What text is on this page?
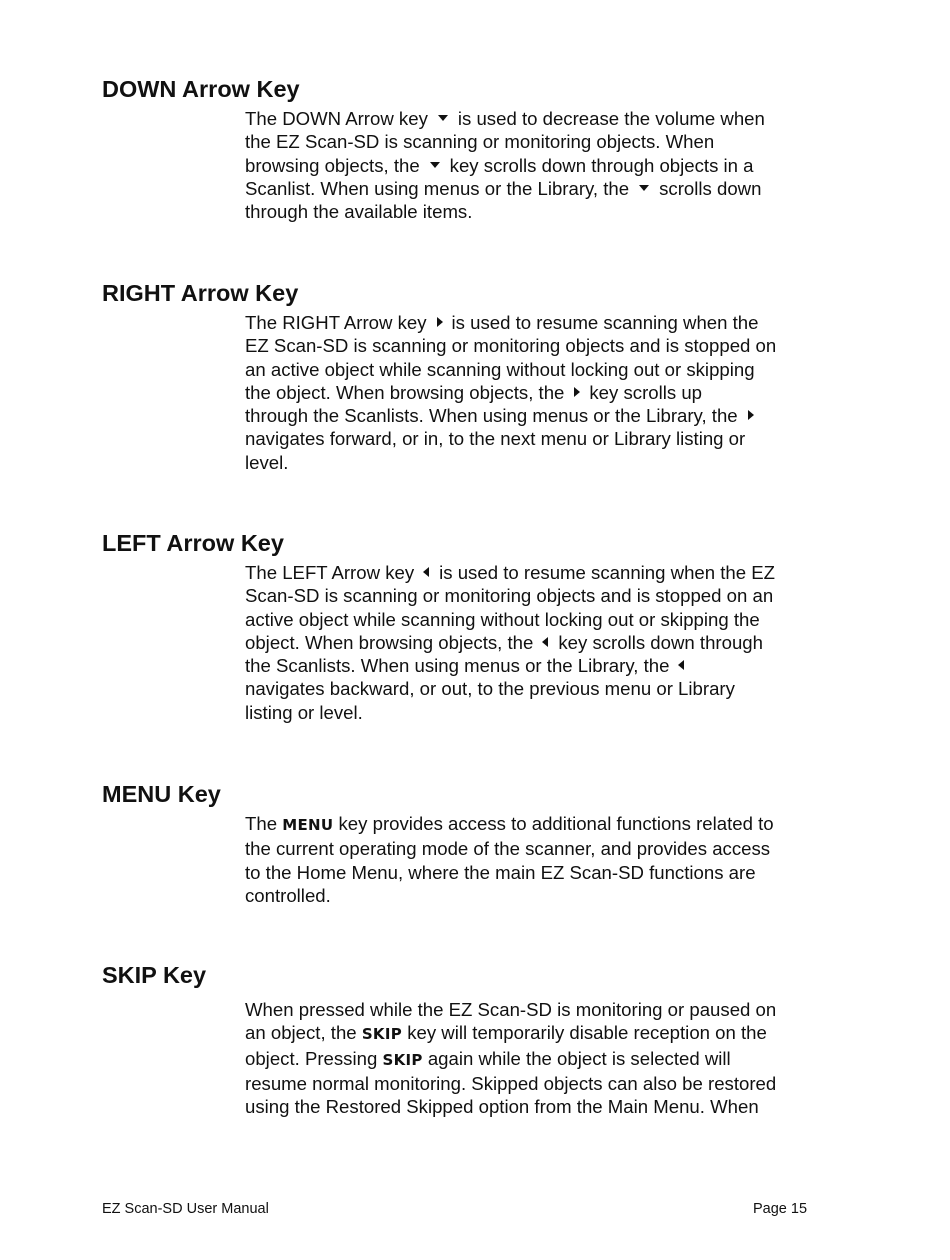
DOWN Arrow Key
The DOWN Arrow key is used to decrease the volume when
the EZ Scan-SD is scanning or monitoring objects. When
browsing objects, the key scrolls down through objects in a
Scanlist. When using menus or the Library, the scrolls down
through the available items.
RIGHT Arrow Key
The RIGHT Arrow key is used to resume scanning when the
EZ Scan-SD is scanning or monitoring objects and is stopped on
an active object while scanning without locking out or skipping
the object. When browsing objects, the key scrolls up
through the Scanlists. When using menus or the Library, the
navigates forward, or in, to the next menu or Library listing or
level.
LEFT Arrow Key
The LEFT Arrow key is used to resume scanning when the EZ
Scan-SD is scanning or monitoring objects and is stopped on an
active object while scanning without locking out or skipping the
object. When browsing objects, the key scrolls down through
the Scanlists. When using menus or the Library, the
navigates backward, or out, to the previous menu or Library
listing or level.
MENU Key
The MENU key provides access to additional functions related to
the current operating mode of the scanner, and provides access
to the Home Menu, where the main EZ Scan-SD functions are
controlled.
SKIP Key
When pressed while the EZ Scan-SD is monitoring or paused on
an object, the SKIP key will temporarily disable reception on the
object. Pressing SKIP again while the object is selected will
resume normal monitoring. Skipped objects can also be restored
using the Restored Skipped option from the Main Menu. When
EZ Scan-SD User Manual	Page 15
